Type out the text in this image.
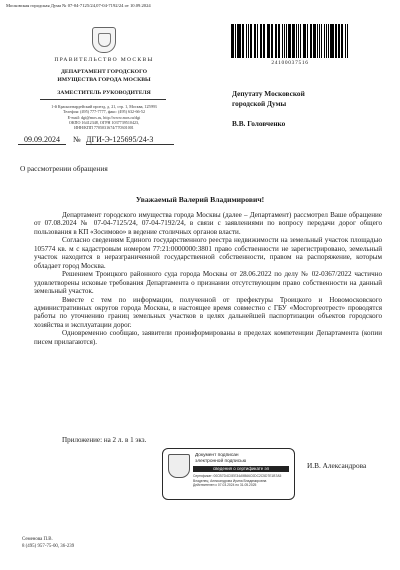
Московская городская Дума № 07-04-7125/24,07-04-7192/24 от 10.09.2024
ПРАВИТЕЛЬСТВО МОСКВЫ
ДЕПАРТАМЕНТ ГОРОДСКОГО
ИМУЩЕСТВА ГОРОДА МОСКВЫ
ЗАМЕСТИТЕЛЬ РУКОВОДИТЕЛЯ
1-й Красногвардейский проезд, д. 21, стр. 1, Москва, 125993
Телефон: (495) 777-7777, факс: (495) 632-66-52
E-mail: dgi@mos.ru, http://www.mos.ru/dgi
ОКПО 16412348, ОГРН 1037739510423,
ИНН/КПП 7705031674/770301001
09.09.2024	№ ДГИ-Э-125695/24-3
24100037516
Депутату Московской
городской Думы
В.В. Головченко
О рассмотрении обращения
Уважаемый Валерий Владимирович!

Департамент городского имущества города Москвы (далее – Департамент) рассмотрел Ваше обращение от 07.08.2024 № 07-04-7125/24, 07-04-7192/24, в связи с заявлениями по вопросу передачи дорог общего пользования в КП «Зосимово» в ведение столичных органов власти.

Согласно сведениям Единого государственного реестра недвижимости на земельный участок площадью 105774 кв. м с кадастровым номером 77:21:0000000:3801 право собственности не зарегистрировано, земельный участок находится в неразграниченной государственной собственности, правом на распоряжение, которым обладает город Москва.

Решением Троицкого районного суда города Москвы от 28.06.2022 по делу № 02-0367/2022 частично удовлетворены исковые требования Департамента о признании отсутствующим право собственности на данный земельный участок.

Вместе с тем по информации, полученной от префектуры Троицкого и Новомосковского административных округов города Москвы, в настоящее время совместно с ГБУ «Мосгоргеотрест» проводятся работы по уточнению границ земельных участков в целях дальнейшей паспортизации объектов городского хозяйства и эксплуатации дорог.

Одновременно сообщаю, заявители проинформированы в пределах компетенции Департамента (копии писем прилагаются).

Приложение: на 2 л. в 1 экз.
Документ подписан
электронной подписью
сведения о сертификате эп
Сертификат: 00CB7D4C0EE34A9B66C0DC2C5D7E1B7A5
Владелец: Александрова Ирина Владимировна
Действителен с 07.03.2024 по 31.05.2025
И.В. Александрова
Семенова П.В.
8 (495) 957-75-00, 36-239
